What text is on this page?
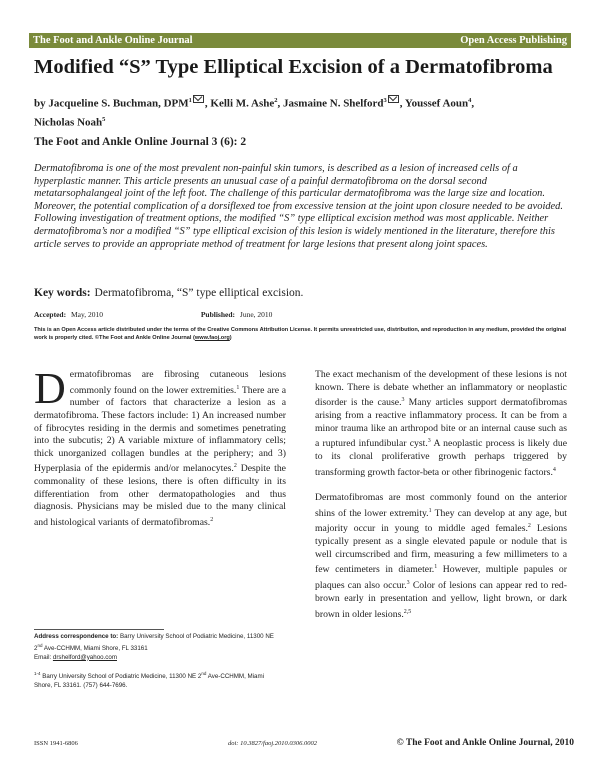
The Foot and Ankle Online Journal	Open Access Publishing
Modified “S” Type Elliptical Excision of a Dermatofibroma
by Jacqueline S. Buchman, DPM$^1$ , Kelli M. Ashe$^2$, Jasmaine N. Shelford$^3$ , Youssef Aoun$^4$,
Nicholas Noah$^5$
The Foot and Ankle Online Journal 3 (6): 2

Dermatofibroma is one of the most prevalent non-painful skin tumors, is described as a lesion of increased cells of a hyperplastic manner. This article presents an unusual case of a painful dermatofibroma on the dorsal second metatarsophalangeal joint of the left foot. The challenge of this particular dermatofibroma was the large size and location. Moreover, the potential complication of a dorsiflexed toe from excessive tension at the joint upon closure needed to be avoided. Following investigation of treatment options, the modified “S” type elliptical excision method was most applicable. Neither dermatofibroma’s nor a modified “S” type elliptical excision of this lesion is widely mentioned in the literature, therefore this article serves to provide an appropriate method of treatment for large lesions that present along joint spaces.

Key words: Dermatofibroma, “S” type elliptical excision.
Accepted: May, 2010	Published: June, 2010
This is an Open Access article distributed under the terms of the Creative Commons Attribution License. It permits unrestricted use, distribution, and reproduction in any medium, provided the original work is properly cited. ©The Foot and Ankle Online Journal (www.faoj.org)

Dermatofibromas are fibrosing cutaneous lesions commonly found on the lower extremities.$^1$ There are a number of factors that characterize a lesion as a dermatofibroma. These factors include: 1) An increased number of fibrocytes residing in the dermis and sometimes penetrating into the subcutis; 2) A variable mixture of inflammatory cells; thick unorganized collagen bundles at the periphery; and 3) Hyperplasia of the epidermis and/or melanocytes.$^2$ Despite the commonality of these lesions, there is often difficulty in its differentiation from other dermatopathologies and thus diagnosis. Physicians may be misled due to the many clinical and histological variants of dermatofibromas.$^2$

The exact mechanism of the development of these lesions is not known. There is debate whether an inflammatory or neoplastic disorder is the cause.$^3$ Many articles support dermatofibromas arising from a reactive inflammatory process. It can be from a minor trauma like an arthropod bite or an internal cause such as a ruptured infundibular cyst.$^3$ A neoplastic process is likely due to its clonal proliferative growth perhaps triggered by transforming growth factor-beta or other fibrinogenic factors.$^4$

Dermatofibromas are most commonly found on the anterior shins of the lower extremity.$^1$ They can develop at any age, but majority occur in young to middle aged females.$^2$ Lesions typically present as a single elevated papule or nodule that is well circumscribed and firm, measuring a few millimeters to a few centimeters in diameter.$^1$ However, multiple papules or plaques can also occur.$^3$ Color of lesions can appear red to red-brown early in presentation and yellow, light brown, or dark brown in older lesions.$^{2,5}$

Address correspondence to: Barry University School of Podiatric Medicine, 11300 NE 2nd Ave-CCHMM, Miami Shore, FL 33161
Email: drshelford@yahoo.com
$^{1-4}$ Barry University School of Podiatric Medicine, 11300 NE 2nd Ave-CCHMM, Miami Shore, FL 33161. (757) 644-7696.
ISSN 1941-6806	doi: 10.3827/faoj.2010.0306.0002	© The Foot and Ankle Online Journal, 2010
